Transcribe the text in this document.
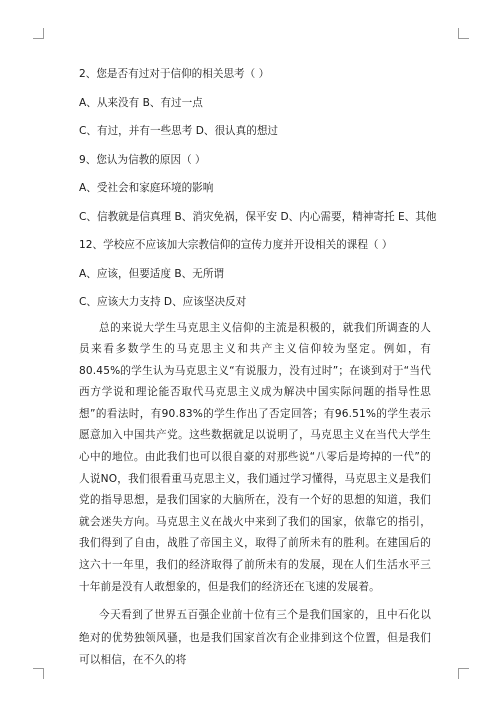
2、您是否有过对于信仰的相关思考（ ）

A、从来没有 B、有过一点

C、有过，并有一些思考 D、很认真的想过

9、您认为信教的原因（ ）

A、受社会和家庭环境的影响

C、信教就是信真理 B、消灾免祸，保平安 D、内心需要，精神寄托 E、其他

12、学校应不应该加大宗教信仰的宣传力度并开设相关的课程（ ）

A、应该，但要适度 B、无所谓

C、应该大力支持 D、应该坚决反对

总的来说大学生马克思主义信仰的主流是积极的，就我们所调查的人员来看多数学生的马克思主义和共产主义信仰较为坚定。例如，有80.45%的学生认为马克思主义“有说服力，没有过时”；在谈到对于“当代西方学说和理论能否取代马克思主义成为解决中国实际问题的指导性思想”的看法时，有90.83%的学生作出了否定回答；有96.51%的学生表示愿意加入中国共产党。这些数据就足以说明了，马克思主义在当代大学生心中的地位。由此我们也可以很自豪的对那些说“八零后是垮掉的一代”的人说NO，我们很看重马克思主义，我们通过学习懂得，马克思主义是我们党的指导思想，是我们国家的大脑所在，没有一个好的思想的知道，我们就会迷失方向。马克思主义在战火中来到了我们的国家，依靠它的指引，我们得到了自由，战胜了帝国主义，取得了前所未有的胜利。在建国后的这六十一年里，我们的经济取得了前所未有的发展，现在人们生活水平三十年前是没有人敢想象的，但是我们的经济还在飞速的发展着。

今天看到了世界五百强企业前十位有三个是我们国家的，且中石化以绝对的优势独领风骚，也是我们国家首次有企业排到这个位置，但是我们可以相信，在不久的将
